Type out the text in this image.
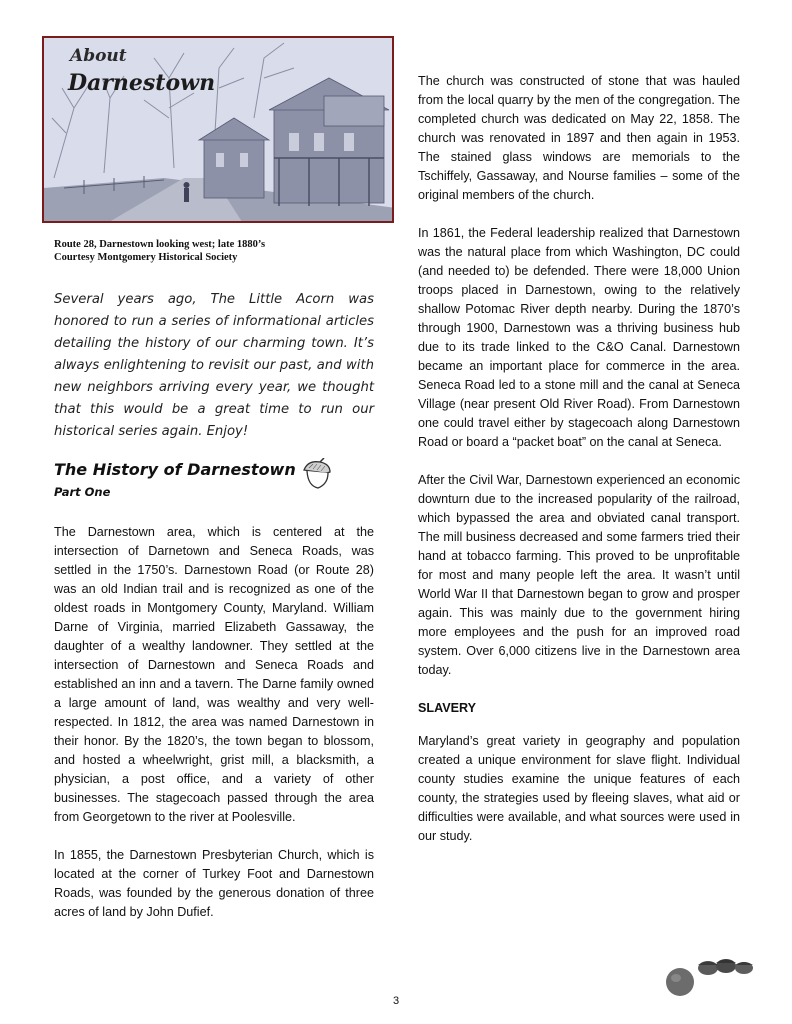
About
Darnestown
Route 28, Darnestown looking west; late 1880’s
Courtesy Montgomery Historical Society
Several years ago, The Little Acorn was honored to run a series of informational articles detailing the history of our charming town. It’s always enlightening to revisit our past, and with new neighbors arriving every year, we thought that this would be a great time to run our historical series again. Enjoy!
The History of Darnestown
Part One

The Darnestown area, which is centered at the intersection of Darnetown and Seneca Roads, was settled in the 1750’s. Darnestown Road (or Route 28) was an old Indian trail and is recognized as one of the oldest roads in Montgomery County, Maryland. William Darne of Virginia, married Elizabeth Gassaway, the daughter of a wealthy landowner. They settled at the intersection of Darnestown and Seneca Roads and established an inn and a tavern. The Darne family owned a large amount of land, was wealthy and very well-respected. In 1812, the area was named Darnestown in their honor. By the 1820’s, the town began to blossom, and hosted a wheelwright, grist mill, a blacksmith, a physician, a post office, and a variety of other businesses. The stagecoach passed through the area from Georgetown to the river at Poolesville.

In 1855, the Darnestown Presbyterian Church, which is located at the corner of Turkey Foot and Darnestown Roads, was founded by the generous donation of three acres of land by John Dufief.

The church was constructed of stone that was hauled from the local quarry by the men of the congregation. The completed church was dedicated on May 22, 1858. The church was renovated in 1897 and then again in 1953. The stained glass windows are memorials to the Tschiffely, Gassaway, and Nourse families – some of the original members of the church.

In 1861, the Federal leadership realized that Darnestown was the natural place from which Washington, DC could (and needed to) be defended. There were 18,000 Union troops placed in Darnestown, owing to the relatively shallow Potomac River depth nearby. During the 1870’s through 1900, Darnestown was a thriving business hub due to its trade linked to the C&O Canal. Darnestown became an important place for commerce in the area. Seneca Road led to a stone mill and the canal at Seneca Village (near present Old River Road). From Darnestown one could travel either by stagecoach along Darnestown Road or board a “packet boat” on the canal at Seneca.

After the Civil War, Darnestown experienced an economic downturn due to the increased popularity of the railroad, which bypassed the area and obviated canal transport. The mill business decreased and some farmers tried their hand at tobacco farming. This proved to be unprofitable for most and many people left the area. It wasn’t until World War II that Darnestown began to grow and prosper again. This was mainly due to the government hiring more employees and the push for an improved road system. Over 6,000 citizens live in the Darnestown area today.

SLAVERY

Maryland’s great variety in geography and population created a unique environment for slave flight. Individual county studies examine the unique features of each county, the strategies used by fleeing slaves, what aid or difficulties were available, and what sources were used in our study.

3
